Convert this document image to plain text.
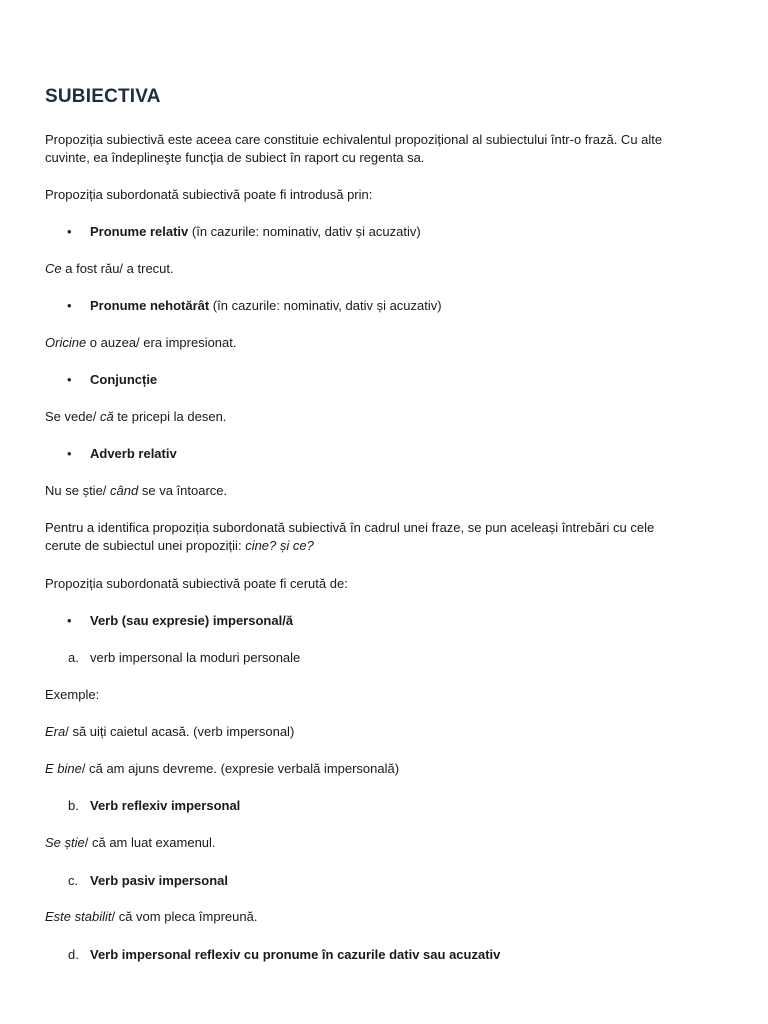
SUBIECTIVA
Propoziția subiectivă este aceea care constituie echivalentul propozițional al subiectului într-o frază. Cu alte
cuvinte, ea îndeplineşte funcţia de subiect în raport cu regenta sa.
Propoziția subordonată subiectivă poate fi introdusă prin:
• Pronume relativ (în cazurile: nominativ, dativ și acuzativ)
Ce a fost rău/ a trecut.
• Pronume nehotărât (în cazurile: nominativ, dativ și acuzativ)
Oricine o auzea/ era impresionat.
• Conjuncție
Se vede/ că te pricepi la desen.
• Adverb relativ
Nu se știe/ când se va întoarce.
Pentru a identifica propoziția subordonată subiectivă în cadrul unei fraze, se pun aceleași întrebări cu cele
cerute de subiectul unei propoziții: cine? și ce?
Propoziția subordonată subiectivă poate fi cerută de:
• Verb (sau expresie) impersonal/ă
a. verb impersonal la moduri personale
Exemple:
Era/ să uiți caietul acasă. (verb impersonal)
E bine/ că am ajuns devreme. (expresie verbală impersonală)
b. Verb reflexiv impersonal
Se știe/ că am luat examenul.
c. Verb pasiv impersonal
Este stabilit/ că vom pleca împreună.
d. Verb impersonal reflexiv cu pronume în cazurile dativ sau acuzativ
